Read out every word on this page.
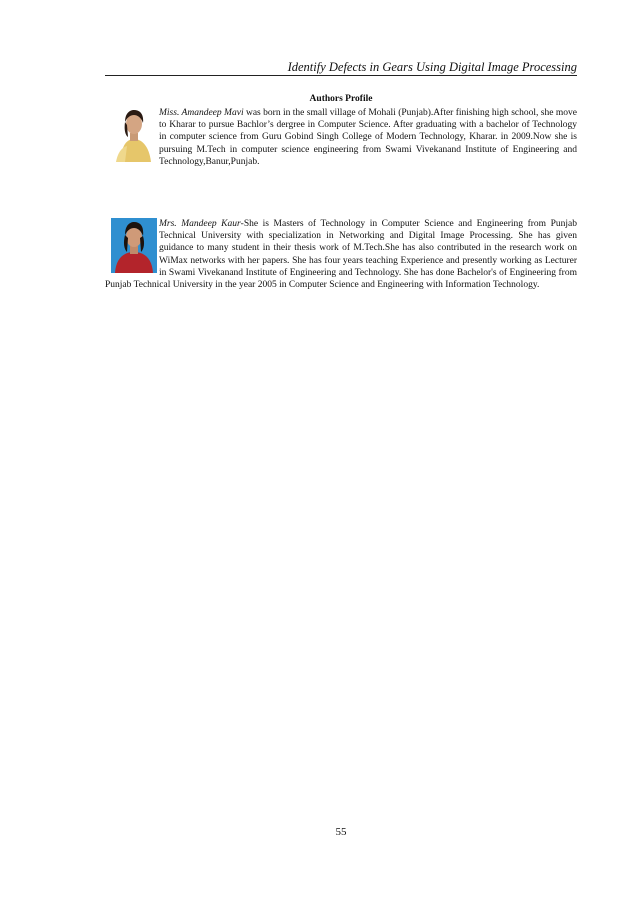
Identify Defects in Gears Using Digital Image Processing
Authors Profile
Miss. Amandeep Mavi was born in the small village of Mohali (Punjab).After finishing high school, she move to Kharar to pursue Bachlor’s dergree in Computer Science. After graduating with a bachelor of Technology in computer science from Guru Gobind Singh College of Modern Technology, Kharar. in 2009.Now she is pursuing M.Tech in computer science engineering from Swami Vivekanand Institute of Engineering and Technology,Banur,Punjab.
Mrs. Mandeep Kaur-She is Masters of Technology in Computer Science and Engineering from Punjab Technical University with specialization in Networking and Digital Image Processing. She has given guidance to many student in their thesis work of M.Tech.She has also contributed in the research work on WiMax networks with her papers. She has four years teaching Experience and presently working as Lecturer in Swami Vivekanand Institute of Engineering and Technology. She has done Bachelor's of Engineering from Punjab Technical University in the year 2005 in Computer Science and Engineering with Information Technology.
55
